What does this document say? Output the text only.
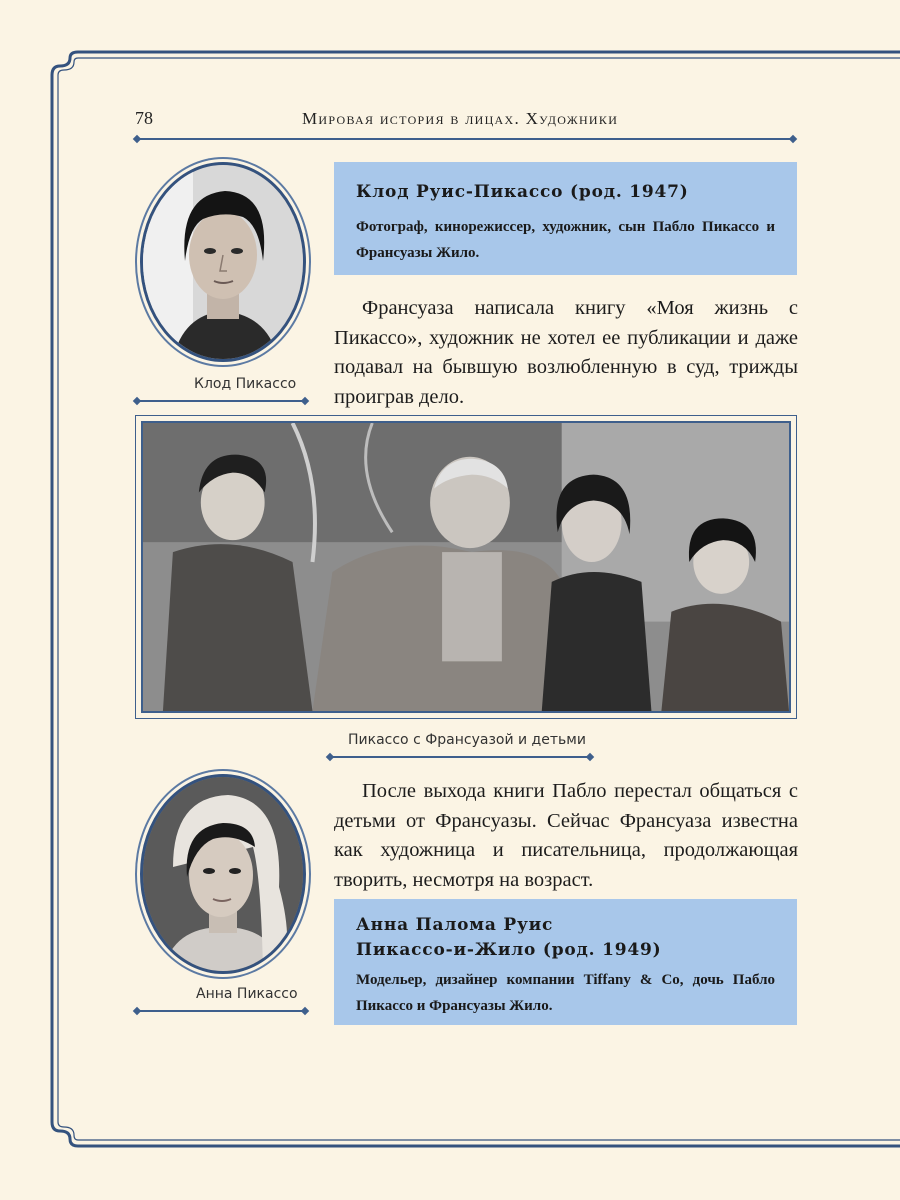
78	Мировая история в лицах. Художники
Клод Пикассо
Клод Руис-Пикассо (род. 1947)
Фотограф, кинорежиссер, художник, сын Пабло Пикассо и Франсуазы Жило.

Франсуаза написала книгу «Моя жизнь с Пикассо», художник не хотел ее публикации и даже подавал на бывшую возлюбленную в суд, трижды проиграв дело.

Пикассо с Франсуазой и детьми

После выхода книги Пабло перестал общаться с детьми от Франсуазы. Сейчас Франсуаза известна как художница и писательница, продолжающая творить, несмотря на возраст.

Анна Пикассо
Анна Палома Руис
Пикассо-и-Жило (род. 1949)
Модельер, дизайнер компании Tiffany & Co, дочь Пабло Пикассо и Франсуазы Жило.
